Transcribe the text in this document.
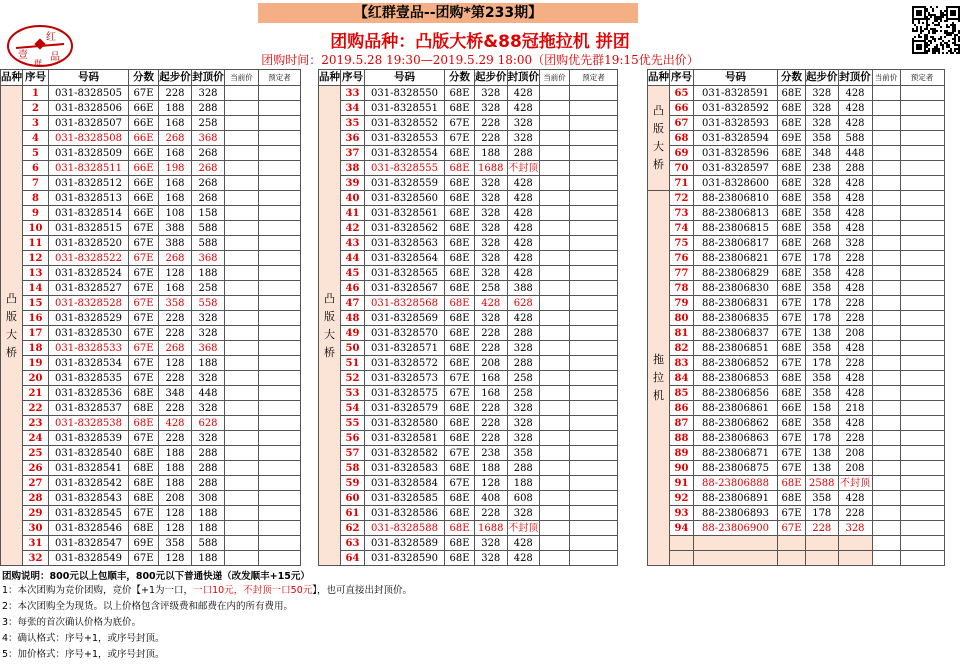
【红群壹品--团购*第233期】
红
壹 品
群
团购品种：凸版大桥&88冠拖拉机 拼团
团购时间：2019.5.28 19:30—2019.5.29 18:00（团购优先群19:15优先出价）
品种	序号	号码	分数	起步价	封顶价	当前价	预定者
凸
版
大
桥	1	031-8328505	67E	228	328		
	2	031-8328506	66E	188	288		
	3	031-8328507	66E	168	258		
	4	031-8328508	66E	268	368		
	5	031-8328509	66E	168	268		
	6	031-8328511	66E	198	268		
	7	031-8328512	66E	168	268		
	8	031-8328513	66E	168	268		
	9	031-8328514	66E	108	158		
	10	031-8328515	67E	388	588		
	11	031-8328520	67E	388	588		
	12	031-8328522	67E	268	368		
	13	031-8328524	67E	128	188		
	14	031-8328527	67E	168	258		
	15	031-8328528	67E	358	558		
	16	031-8328529	67E	228	328		
	17	031-8328530	67E	228	328		
	18	031-8328533	67E	268	368		
	19	031-8328534	67E	128	188		
	20	031-8328535	67E	228	328		
	21	031-8328536	68E	348	448		
	22	031-8328537	68E	228	328		
	23	031-8328538	68E	428	628		
	24	031-8328539	67E	228	328		
	25	031-8328540	68E	188	288		
	26	031-8328541	68E	188	288		
	27	031-8328542	68E	188	288		
	28	031-8328543	68E	208	308		
	29	031-8328545	67E	128	188		
	30	031-8328546	68E	128	188		
	31	031-8328547	69E	358	588		
	32	031-8328549	67E	128	188		
品种	序号	号码	分数	起步价	封顶价	当前价	预定者
凸
版
大
桥	33	031-8328550	68E	328	428		
	34	031-8328551	68E	328	428		
	35	031-8328552	67E	228	328		
	36	031-8328553	67E	228	328		
	37	031-8328554	68E	188	288		
	38	031-8328555	68E	1688	不封顶		
	39	031-8328559	68E	328	428		
	40	031-8328560	68E	328	428		
	41	031-8328561	68E	328	428		
	42	031-8328562	68E	328	428		
	43	031-8328563	68E	328	428		
	44	031-8328564	68E	328	428		
	45	031-8328565	68E	328	428		
	46	031-8328567	68E	258	388		
	47	031-8328568	68E	428	628		
	48	031-8328569	68E	328	428		
	49	031-8328570	68E	228	288		
	50	031-8328571	68E	228	328		
	51	031-8328572	68E	208	288		
	52	031-8328573	67E	168	258		
	53	031-8328575	67E	168	258		
	54	031-8328579	68E	228	328		
	55	031-8328580	68E	228	328		
	56	031-8328581	68E	228	328		
	57	031-8328582	67E	238	358		
	58	031-8328583	68E	188	288		
	59	031-8328584	67E	128	188		
	60	031-8328585	68E	408	608		
	61	031-8328586	68E	228	328		
	62	031-8328588	68E	1688	不封顶		
	63	031-8328589	68E	328	428		
	64	031-8328590	68E	328	428		
品种	序号	号码	分数	起步价	封顶价	当前价	预定者
凸
版
大
桥	65	031-8328591	68E	328	428		
	66	031-8328592	68E	328	428		
	67	031-8328593	68E	328	428		
	68	031-8328594	69E	358	588		
	69	031-8328596	68E	348	448		
	70	031-8328597	68E	238	288		
	71	031-8328600	68E	328	428		
拖
拉
机	72	88-23806810	68E	358	428		
	73	88-23806813	68E	358	428		
	74	88-23806815	68E	358	428		
	75	88-23806817	68E	268	328		
	76	88-23806821	67E	178	228		
	77	88-23806829	68E	358	428		
	78	88-23806830	68E	358	428		
	79	88-23806831	67E	178	228		
	80	88-23806835	67E	178	228		
	81	88-23806837	67E	138	208		
	82	88-23806851	68E	358	428		
	83	88-23806852	67E	178	228		
	84	88-23806853	68E	358	428		
	85	88-23806856	68E	358	428		
	86	88-23806861	66E	158	218		
	87	88-23806862	68E	358	428		
	88	88-23806863	67E	178	228		
	89	88-23806871	67E	138	208		
	90	88-23806875	67E	138	208		
	91	88-23806888	68E	2588	不封顶		
	92	88-23806891	68E	358	428		
	93	88-23806893	67E	178	228		
	94	88-23806900	67E	228	328		

团购说明：800元以上包顺丰，800元以下普通快递（改发顺丰+15元）
1：本次团购为竞价团购，竞价【+1为一口，一口10元，不封顶一口50元】，也可直接出封顶价。
2：本次团购全为现货。以上价格包含评级费和邮费在内的所有费用。
3：每张的首次确认价格为底价。
4：确认格式：序号+1，或序号封顶。
5：加价格式：序号+1，或序号封顶。
